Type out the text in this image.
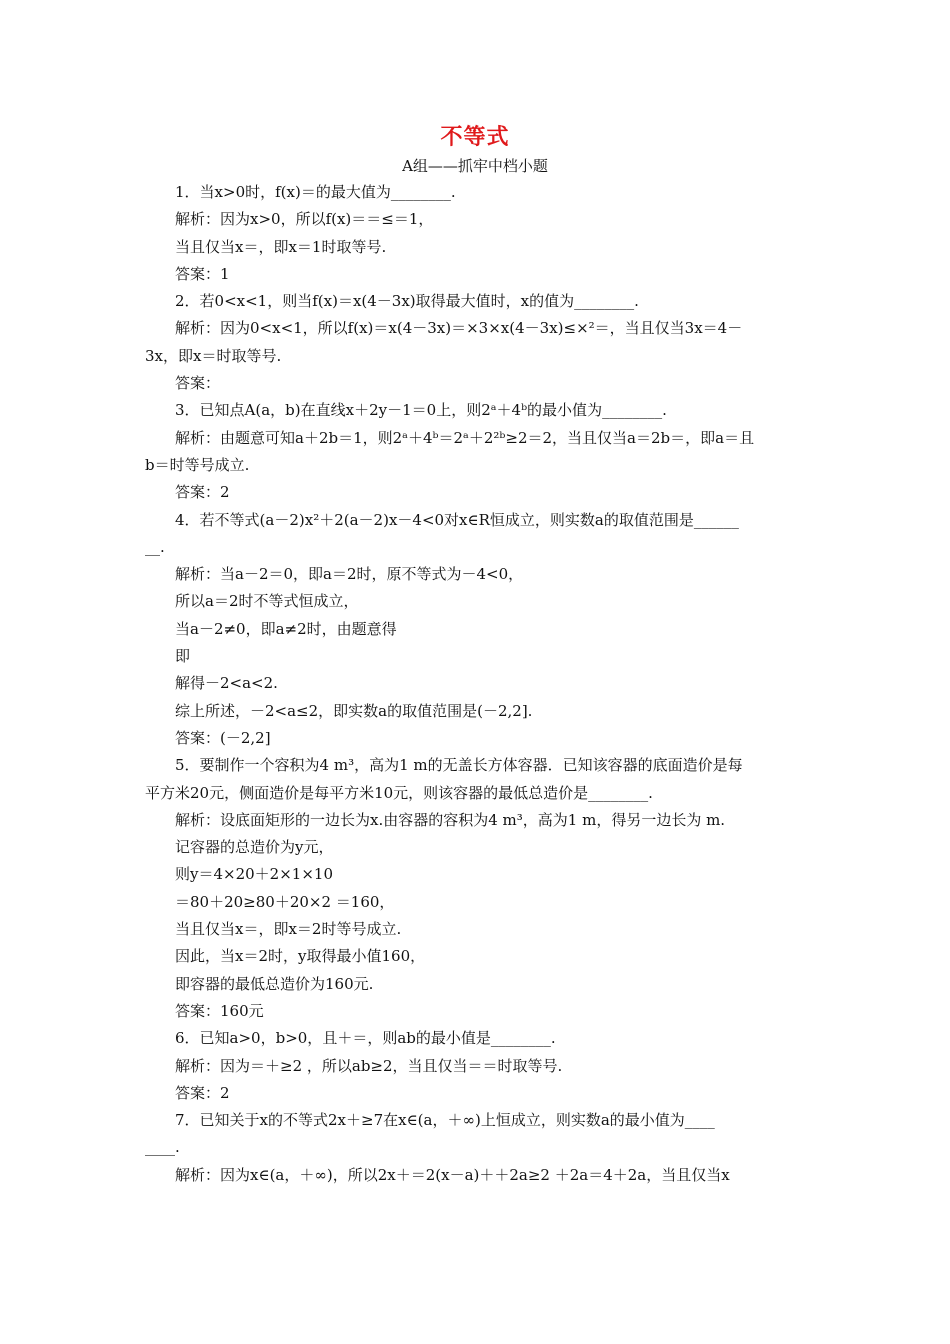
不等式
A组——抓牢中档小题
1．当x>0时，f(x)＝的最大值为________.
解析：因为x>0，所以f(x)＝＝≤＝1，
当且仅当x＝，即x＝1时取等号.
答案：1
2．若0<x<1，则当f(x)＝x(4－3x)取得最大值时，x的值为________.
解析：因为0<x<1，所以f(x)＝x(4－3x)＝×3×x(4－3x)≤×²＝，当且仅当3x＝4－
3x，即x＝时取等号.
答案：
3．已知点A(a，b)在直线x＋2y－1＝0上，则2ᵃ＋4ᵇ的最小值为________.
解析：由题意可知a＋2b＝1，则2ᵃ＋4ᵇ＝2ᵃ＋2²ᵇ≥2＝2，当且仅当a＝2b＝，即a＝且
b＝时等号成立.
答案：2
4．若不等式(a－2)x²＋2(a－2)x－4<0对x∈R恒成立，则实数a的取值范围是______
__.
解析：当a－2＝0，即a＝2时，原不等式为－4<0，
所以a＝2时不等式恒成立，
当a－2≠0，即a≠2时，由题意得
即
解得－2<a<2.
综上所述，－2<a≤2，即实数a的取值范围是(－2,2].
答案：(－2,2]
5．要制作一个容积为4 m³，高为1 m的无盖长方体容器．已知该容器的底面造价是每
平方米20元，侧面造价是每平方米10元，则该容器的最低总造价是________.
解析：设底面矩形的一边长为x.由容器的容积为4 m³，高为1 m，得另一边长为 m.
记容器的总造价为y元，
则y＝4×20＋2×1×10
＝80＋20≥80＋20×2 ＝160，
当且仅当x＝，即x＝2时等号成立.
因此，当x＝2时，y取得最小值160，
即容器的最低总造价为160元.
答案：160元
6．已知a>0，b>0，且＋＝，则ab的最小值是________.
解析：因为＝＋≥2 ，所以ab≥2，当且仅当＝＝时取等号.
答案：2
7．已知关于x的不等式2x＋≥7在x∈(a，＋∞)上恒成立，则实数a的最小值为____
____.
解析：因为x∈(a，＋∞)，所以2x＋＝2(x－a)＋＋2a≥2 ＋2a＝4＋2a，当且仅当x
